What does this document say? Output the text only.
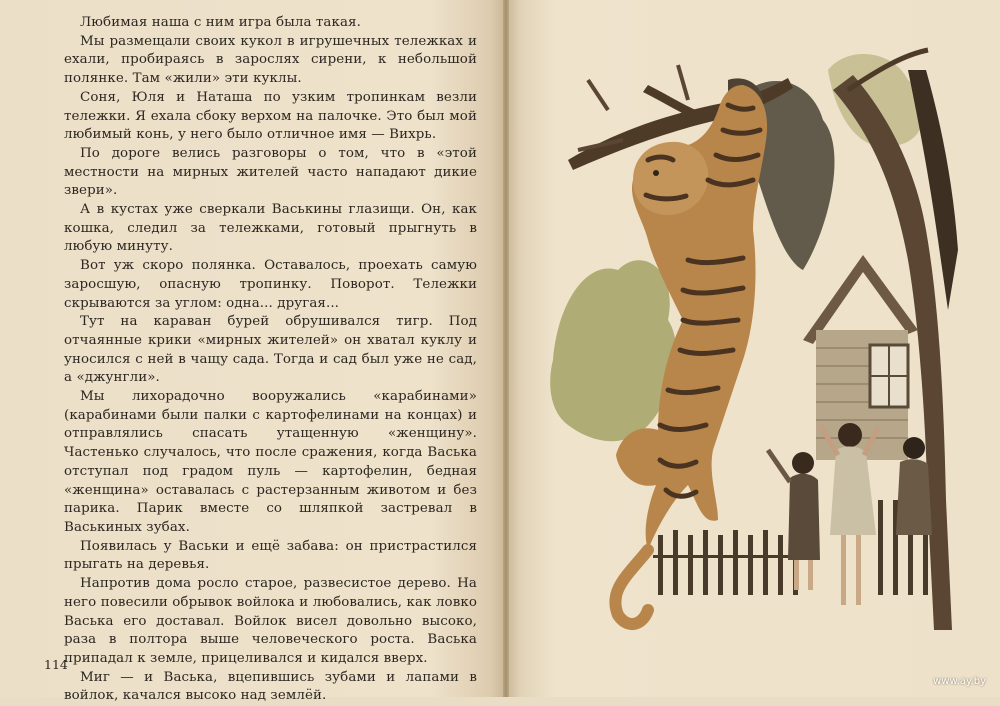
Любимая наша с ним игра была такая.

Мы размещали своих кукол в игрушечных тележках и ехали, пробираясь в зарослях сирени, к небольшой полянке. Там «жили» эти куклы.

Соня, Юля и Наташа по узким тропинкам везли тележки. Я ехала сбоку верхом на палочке. Это был мой любимый конь, у него было отличное имя — Вихрь.

По дороге велись разговоры о том, что в «этой местности на мирных жителей часто нападают дикие звери».

А в кустах уже сверкали Васькины глазищи. Он, как кошка, следил за тележками, готовый прыгнуть в любую минуту.

Вот уж скоро полянка. Оставалось, проехать самую заросшую, опасную тропинку. Поворот. Тележки скрываются за углом: одна... другая...

Тут на караван бурей обрушивался тигр. Под отчаянные крики «мирных жителей» он хватал куклу и уносился с ней в чащу сада. Тогда и сад был уже не сад, а «джунгли».

Мы лихорадочно вооружались «карабинами» (карабинами были палки с картофелинами на концах) и отправлялись спасать утащенную «женщину». Частенько случалось, что после сражения, когда Васька отступал под градом пуль — картофелин, бедная «женщина» оставалась с растерзанным животом и без парика. Парик вместе со шляпкой застревал в Васькиных зубах.

Появилась у Васьки и ещё забава: он пристрастился прыгать на деревья.

Напротив дома росло старое, развесистое дерево. На него повесили обрывок войлока и любовались, как ловко Васька его доставал. Войлок висел довольно высоко, раза в полтора выше человеческого роста. Васька припадал к земле, прицеливался и кидался вверх.

Миг — и Васька, вцепившись зубами и лапами в войлок, качался высоко над землёй.

114
www.ay.by
